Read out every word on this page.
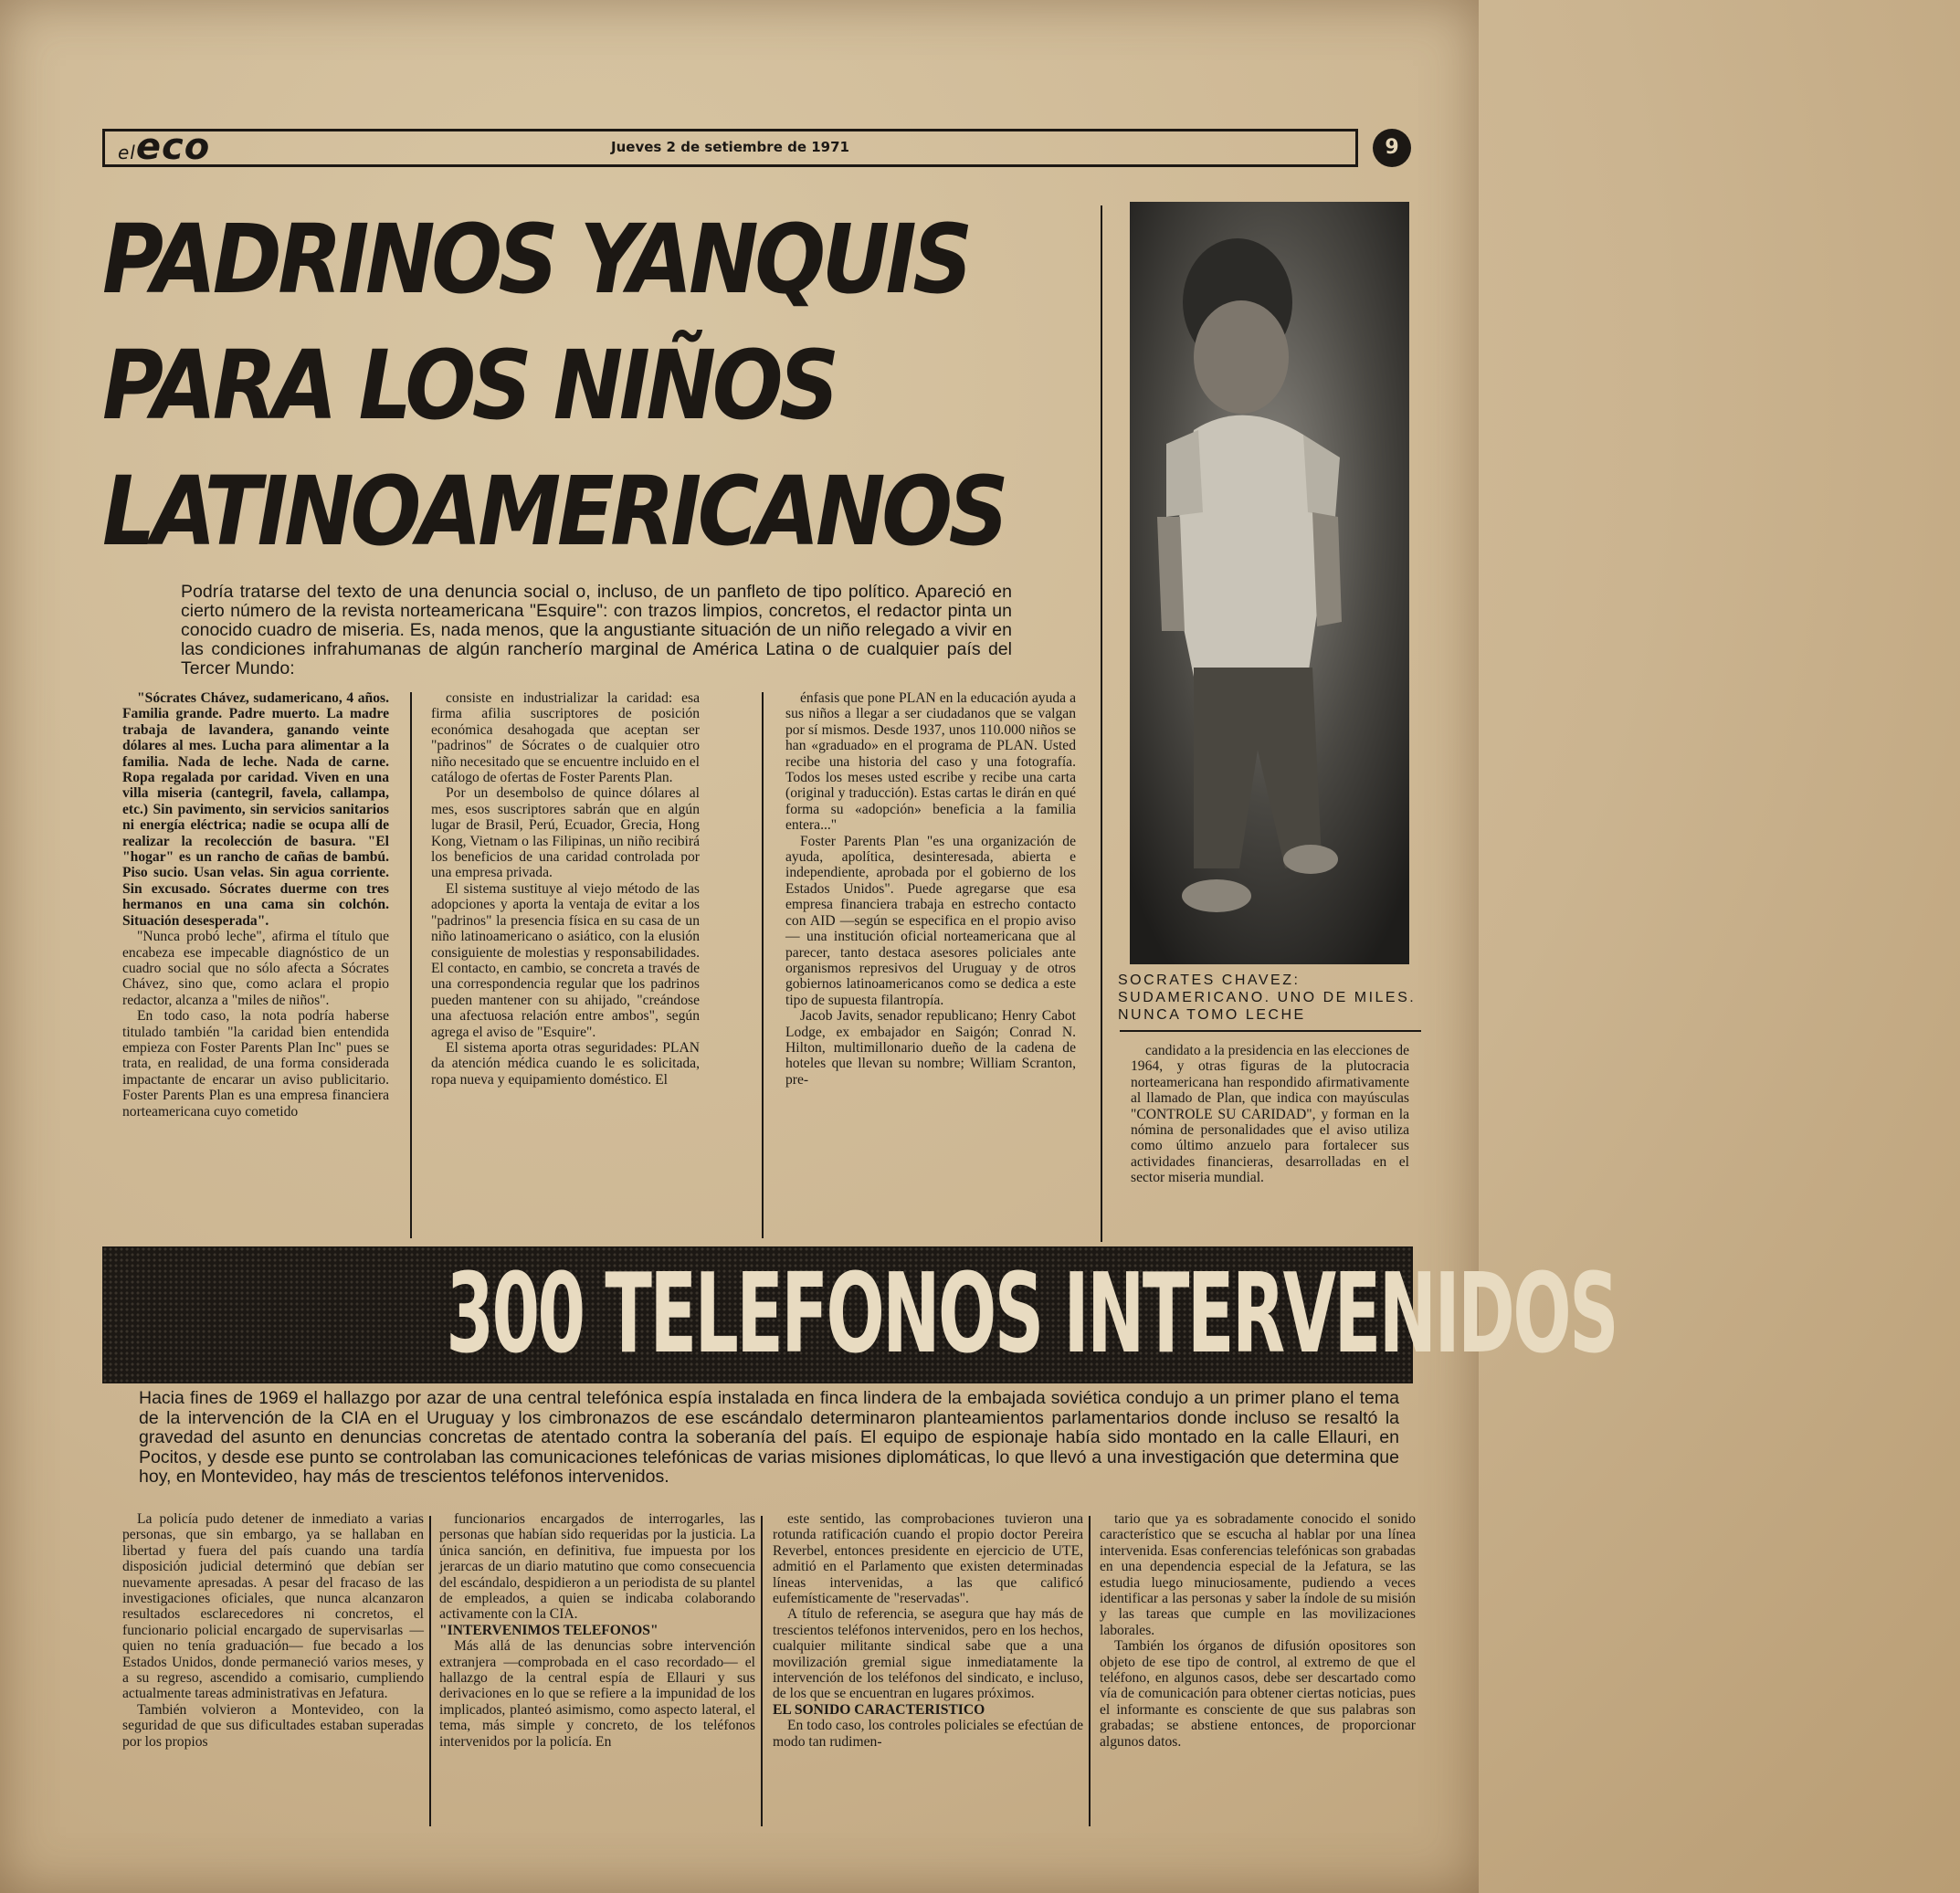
eleco	Jueves 2 de setiembre de 1971	9
PADRINOS YANQUIS
PARA LOS NIÑOS
LATINOAMERICANOS
Podría tratarse del texto de una denuncia social o, incluso, de un panfleto de tipo político. Apareció en cierto número de la revista norteamericana "Esquire": con trazos limpios, concretos, el redactor pinta un conocido cuadro de miseria. Es, nada menos, que la angustiante situación de un niño relegado a vivir en las condiciones infrahumanas de algún rancherío marginal de América Latina o de cualquier país del Tercer Mundo:

"Sócrates Chávez, sudamericano, 4 años. Familia grande. Padre muerto. La madre trabaja de lavandera, ganando veinte dólares al mes. Lucha para alimentar a la familia. Nada de leche. Nada de carne. Ropa regalada por caridad. Viven en una villa miseria (cantegril, favela, callampa, etc.) Sin pavimento, sin servicios sanitarios ni energía eléctrica; nadie se ocupa allí de realizar la recolección de basura. "El "hogar" es un rancho de cañas de bambú. Piso sucio. Usan velas. Sin agua corriente. Sin excusado. Sócrates duerme con tres hermanos en una cama sin colchón. Situación desesperada".

"Nunca probó leche", afirma el título que encabeza ese impecable diagnóstico de un cuadro social que no sólo afecta a Sócrates Chávez, sino que, como aclara el propio redactor, alcanza a "miles de niños".

En todo caso, la nota podría haberse titulado también "la caridad bien entendida empieza con Foster Parents Plan Inc" pues se trata, en realidad, de una forma considerada impactante de encarar un aviso publicitario. Foster Parents Plan es una empresa financiera norteamericana cuyo cometido

consiste en industrializar la caridad: esa firma afilia suscriptores de posición económica desahogada que aceptan ser "padrinos" de Sócrates o de cualquier otro niño necesitado que se encuentre incluido en el catálogo de ofertas de Foster Parents Plan.

Por un desembolso de quince dólares al mes, esos suscriptores sabrán que en algún lugar de Brasil, Perú, Ecuador, Grecia, Hong Kong, Vietnam o las Filipinas, un niño recibirá los beneficios de una caridad controlada por una empresa privada.

El sistema sustituye al viejo método de las adopciones y aporta la ventaja de evitar a los "padrinos" la presencia física en su casa de un niño latinoamericano o asiático, con la elusión consiguiente de molestias y responsabilidades. El contacto, en cambio, se concreta a través de una correspondencia regular que los padrinos pueden mantener con su ahijado, "creándose una afectuosa relación entre ambos", según agrega el aviso de "Esquire".

El sistema aporta otras seguridades: PLAN da atención médica cuando le es solicitada, ropa nueva y equipamiento doméstico. El

énfasis que pone PLAN en la educación ayuda a sus niños a llegar a ser ciudadanos que se valgan por sí mismos. Desde 1937, unos 110.000 niños se han «graduado» en el programa de PLAN. Usted recibe una historia del caso y una fotografía. Todos los meses usted escribe y recibe una carta (original y traducción). Estas cartas le dirán en qué forma su «adopción» beneficia a la familia entera..."

Foster Parents Plan "es una organización de ayuda, apolítica, desinteresada, abierta e independiente, aprobada por el gobierno de los Estados Unidos". Puede agregarse que esa empresa financiera trabaja en estrecho contacto con AID —según se especifica en el propio aviso— una institución oficial norteamericana que al parecer, tanto destaca asesores policiales ante organismos represivos del Uruguay y de otros gobiernos latinoamericanos como se dedica a este tipo de supuesta filantropía.

Jacob Javits, senador republicano; Henry Cabot Lodge, ex embajador en Saigón; Conrad N. Hilton, multimillonario dueño de la cadena de hoteles que llevan su nombre; William Scranton, pre-

SOCRATES CHAVEZ: SUDAMERICANO. UNO DE MILES. NUNCA TOMO LECHE

candidato a la presidencia en las elecciones de 1964, y otras figuras de la plutocracia norteamericana han respondido afirmativamente al llamado de Plan, que indica con mayúsculas "CONTROLE SU CARIDAD", y forman en la nómina de personalidades que el aviso utiliza como último anzuelo para fortalecer sus actividades financieras, desarrolladas en el sector miseria mundial.

300 TELEFONOS INTERVENIDOS
Hacia fines de 1969 el hallazgo por azar de una central telefónica espía instalada en finca lindera de la embajada soviética condujo a un primer plano el tema de la intervención de la CIA en el Uruguay y los cimbronazos de ese escándalo determinaron planteamientos parlamentarios donde incluso se resaltó la gravedad del asunto en denuncias concretas de atentado contra la soberanía del país. El equipo de espionaje había sido montado en la calle Ellauri, en Pocitos, y desde ese punto se controlaban las comunicaciones telefónicas de varias misiones diplomáticas, lo que llevó a una investigación que determina que hoy, en Montevideo, hay más de trescientos teléfonos intervenidos.

La policía pudo detener de inmediato a varias personas, que sin embargo, ya se hallaban en libertad y fuera del país cuando una tardía disposición judicial determinó que debían ser nuevamente apresadas. A pesar del fracaso de las investigaciones oficiales, que nunca alcanzaron resultados esclarecedores ni concretos, el funcionario policial encargado de supervisarlas —quien no tenía graduación— fue becado a los Estados Unidos, donde permaneció varios meses, y a su regreso, ascendido a comisario, cumpliendo actualmente tareas administrativas en Jefatura.

También volvieron a Montevideo, con la seguridad de que sus dificultades estaban superadas por los propios

funcionarios encargados de interrogarles, las personas que habían sido requeridas por la justicia. La única sanción, en definitiva, fue impuesta por los jerarcas de un diario matutino que como consecuencia del escándalo, despidieron a un periodista de su plantel de empleados, a quien se indicaba colaborando activamente con la CIA.

"INTERVENIMOS TELEFONOS"

Más allá de las denuncias sobre intervención extranjera —comprobada en el caso recordado— el hallazgo de la central espía de Ellauri y sus derivaciones en lo que se refiere a la impunidad de los implicados, planteó asimismo, como aspecto lateral, el tema, más simple y concreto, de los teléfonos intervenidos por la policía. En

este sentido, las comprobaciones tuvieron una rotunda ratificación cuando el propio doctor Pereira Reverbel, entonces presidente en ejercicio de UTE, admitió en el Parlamento que existen determinadas líneas intervenidas, a las que calificó eufemísticamente de "reservadas".

A título de referencia, se asegura que hay más de trescientos teléfonos intervenidos, pero en los hechos, cualquier militante sindical sabe que a una movilización gremial sigue inmediatamente la intervención de los teléfonos del sindicato, e incluso, de los que se encuentran en lugares próximos.

EL SONIDO CARACTERISTICO

En todo caso, los controles policiales se efectúan de modo tan rudimen-

tario que ya es sobradamente conocido el sonido característico que se escucha al hablar por una línea intervenida. Esas conferencias telefónicas son grabadas en una dependencia especial de la Jefatura, se las estudia luego minuciosamente, pudiendo a veces identificar a las personas y saber la índole de su misión y las tareas que cumple en las movilizaciones laborales.

También los órganos de difusión opositores son objeto de ese tipo de control, al extremo de que el teléfono, en algunos casos, debe ser descartado como vía de comunicación para obtener ciertas noticias, pues el informante es consciente de que sus palabras son grabadas; se abstiene entonces, de proporcionar algunos datos.
